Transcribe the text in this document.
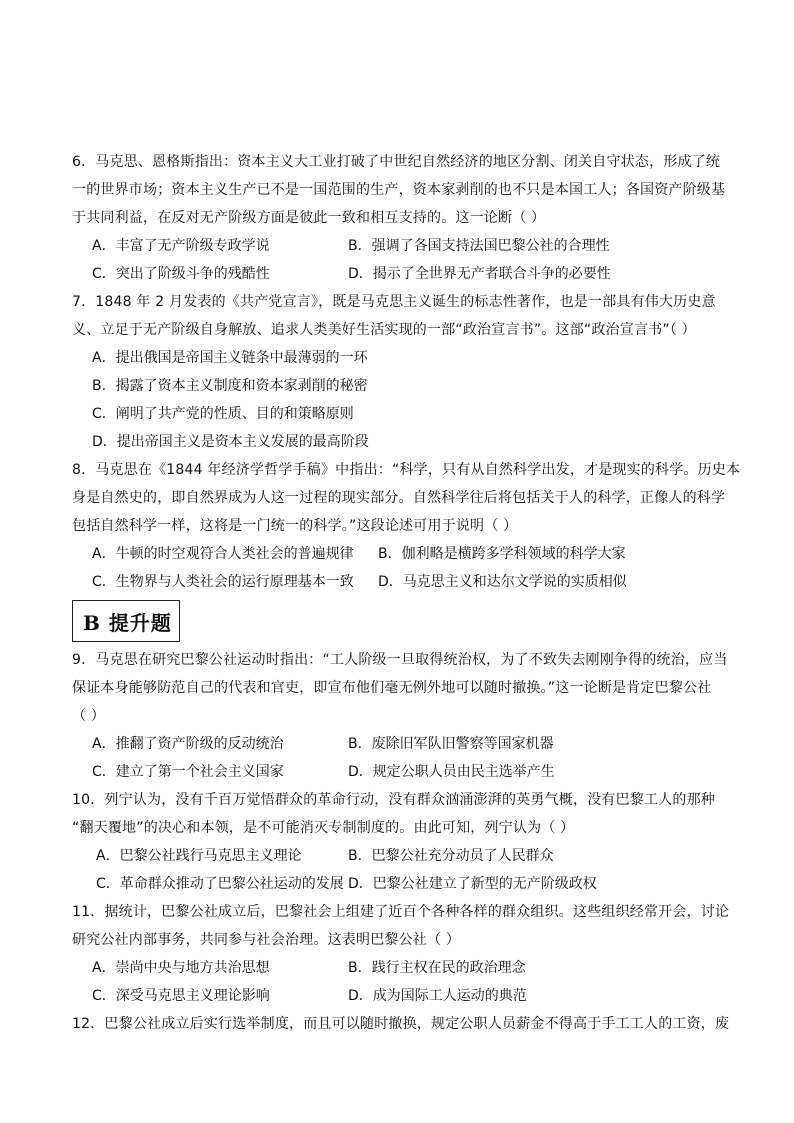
6．马克思、恩格斯指出：资本主义大工业打破了中世纪自然经济的地区分割、闭关自守状态，形成了统
一的世界市场；资本主义生产已不是一国范围的生产，资本家剥削的也不只是本国工人；各国资产阶级基
于共同利益，在反对无产阶级方面是彼此一致和相互支持的。这一论断（ ）
A．丰富了无产阶级专政学说	B．强调了各国支持法国巴黎公社的合理性
C．突出了阶级斗争的残酷性	D．揭示了全世界无产者联合斗争的必要性
7．1848 年 2 月发表的《共产党宣言》，既是马克思主义诞生的标志性著作，也是一部具有伟大历史意
义、立足于无产阶级自身解放、追求人类美好生活实现的一部“政治宣言书”。这部“政治宣言书”（ ）
A．提出俄国是帝国主义链条中最薄弱的一环
B．揭露了资本主义制度和资本家剥削的秘密
C．阐明了共产党的性质、目的和策略原则
D．提出帝国主义是资本主义发展的最高阶段
8．马克思在《1844 年经济学哲学手稿》中指出：“科学，只有从自然科学出发，才是现实的科学。历史本
身是自然史的，即自然界成为人这一过程的现实部分。自然科学往后将包括关于人的科学，正像人的科学
包括自然科学一样，这将是一门统一的科学。”这段论述可用于说明（ ）
A．牛顿的时空观符合人类社会的普遍规律 B．伽利略是横跨多学科领域的科学大家
C．生物界与人类社会的运行原理基本一致 D．马克思主义和达尔文学说的实质相似
B 提升题
9．马克思在研究巴黎公社运动时指出：“工人阶级一旦取得统治权，为了不致失去刚刚争得的统治，应当
保证本身能够防范自己的代表和官吏，即宣布他们毫无例外地可以随时撤换。”这一论断是肯定巴黎公社
（ ）
A．推翻了资产阶级的反动统治	B．废除旧军队旧警察等国家机器
C．建立了第一个社会主义国家	D．规定公职人员由民主选举产生
10．列宁认为，没有千百万觉悟群众的革命行动，没有群众汹涌澎湃的英勇气概，没有巴黎工人的那种
“翻天覆地”的决心和本领，是不可能消灭专制制度的。由此可知，列宁认为（ ）
A．巴黎公社践行马克思主义理论	B．巴黎公社充分动员了人民群众
C．革命群众推动了巴黎公社运动的发展 D．巴黎公社建立了新型的无产阶级政权
11．据统计，巴黎公社成立后，巴黎社会上组建了近百个各种各样的群众组织。这些组织经常开会，讨论
研究公社内部事务，共同参与社会治理。这表明巴黎公社（ ）
A．崇尚中央与地方共治思想	B．践行主权在民的政治理念
C．深受马克思主义理论影响	D．成为国际工人运动的典范
12．巴黎公社成立后实行选举制度，而且可以随时撤换，规定公职人员薪金不得高于手工工人的工资，废
